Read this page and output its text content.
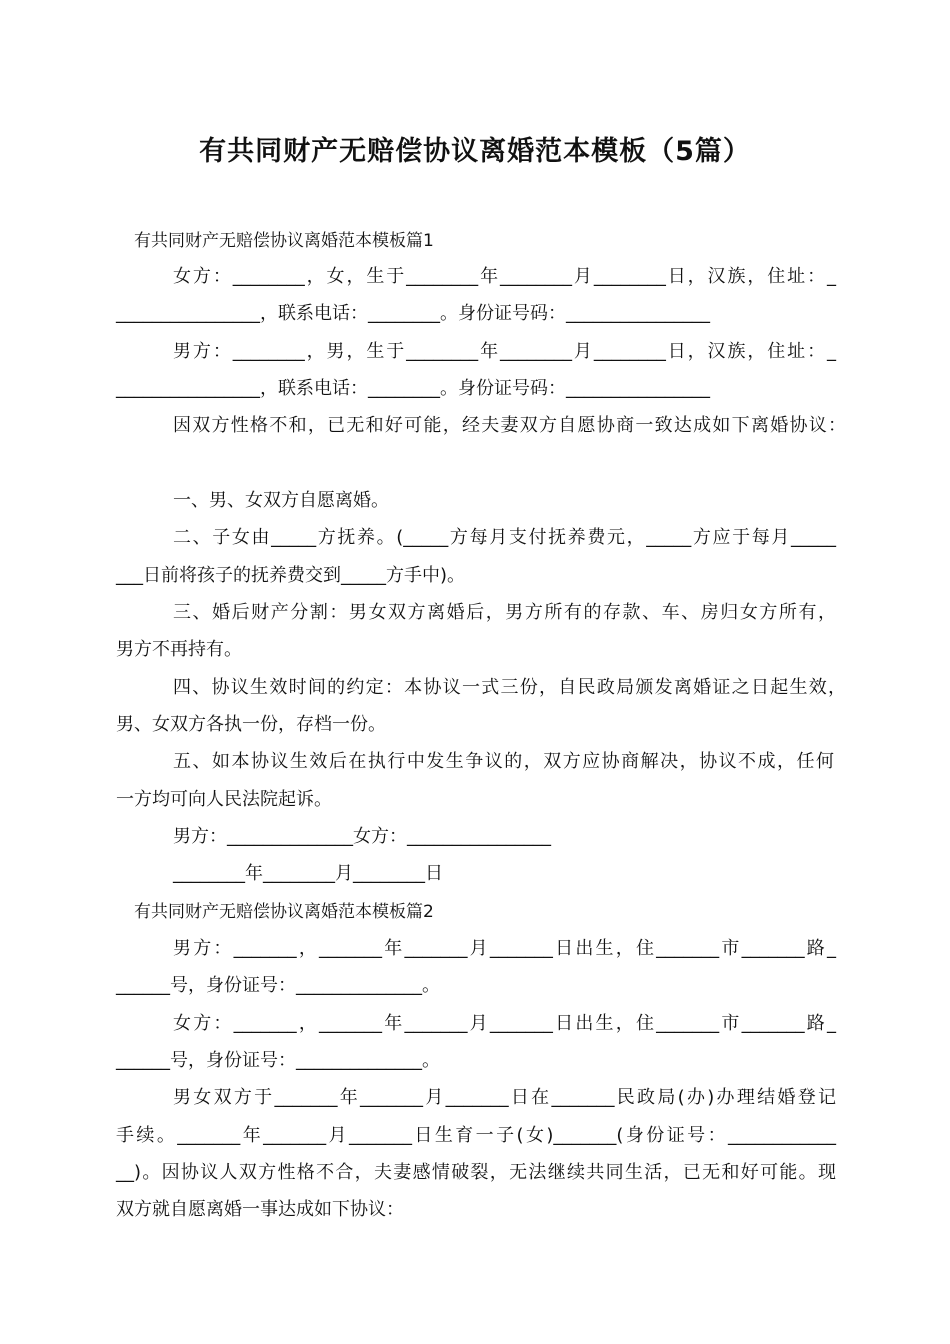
有共同财产无赔偿协议离婚范本模板（5篇）
有共同财产无赔偿协议离婚范本模板篇1
女方：________，女，生于________年________月________日，汉族，住址：_
________________，联系电话：________。身份证号码：________________
男方：________，男，生于________年________月________日，汉族，住址：_
________________，联系电话：________。身份证号码：________________
因双方性格不和，已无和好可能，经夫妻双方自愿协商一致达成如下离婚协议：
一、男、女双方自愿离婚。
二、子女由_____方抚养。(_____方每月支付抚养费元，_____方应于每月_____
___日前将孩子的抚养费交到_____方手中)。
三、婚后财产分割：男女双方离婚后，男方所有的存款、车、房归女方所有，
男方不再持有。
四、协议生效时间的约定：本协议一式三份，自民政局颁发离婚证之日起生效，
男、女双方各执一份，存档一份。
五、如本协议生效后在执行中发生争议的，双方应协商解决，协议不成，任何
一方均可向人民法院起诉。
男方：______________女方：________________
________年________月________日
有共同财产无赔偿协议离婚范本模板篇2
男方：_______，_______年_______月_______日出生，住_______市_______路_
______号，身份证号：______________。
女方：_______，_______年_______月_______日出生，住_______市_______路_
______号，身份证号：______________。
男女双方于_______年_______月_______日在_______民政局(办)办理结婚登记
手续。_______年_______月_______日生育一子(女)_______(身份证号：____________
__)。因协议人双方性格不合，夫妻感情破裂，无法继续共同生活，已无和好可能。现
双方就自愿离婚一事达成如下协议：
